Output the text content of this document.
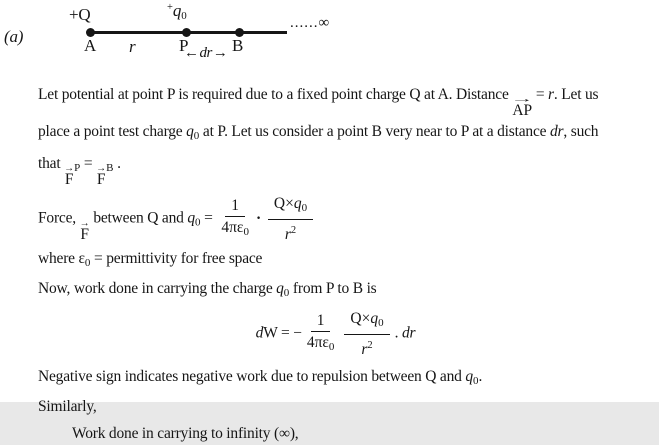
(a)
+Q	$^+q_0$
A r	P	B
←dr→
......∞
Let potential at point P is required due to a fixed point charge Q at A. Distance
→
AP
= r. Let us
place a point test charge $q_0$ at P. Let us consider a point B very near to P at a distance dr, such
that →
F
$_P$ = →
F
$_B$ .
Force, →
F
between Q and $q_0 = \frac{1}{4\pi\varepsilon_0} \cdot \frac{Q\times q_0}{r^2}$
where $\varepsilon_0$ = permittivity for free space
Now, work done in carrying the charge $q_0$ from P to B is
dW = − $\frac{1}{4\pi\varepsilon_0} \frac{Q\times q_0}{r^2}$ . dr
Negative sign indicates negative work due to repulsion between Q and $q_0$.
Similarly,
Work done in carrying to infinity (∞),
